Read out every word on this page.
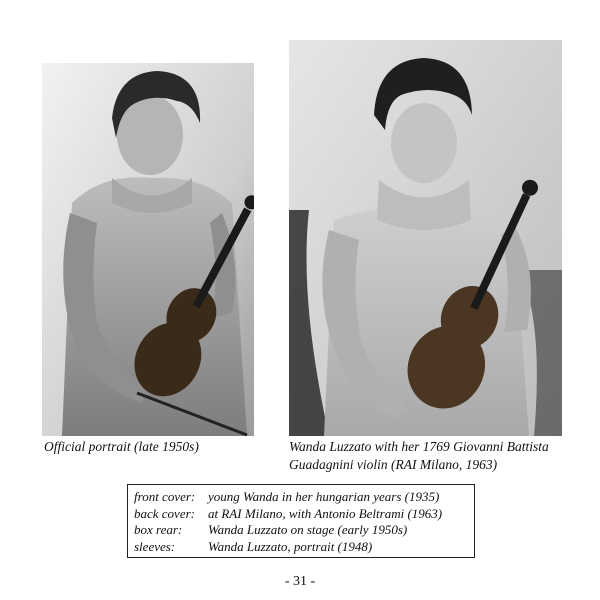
Official portrait (late 1950s)	Wanda Luzzato with her 1769 Giovanni Battista
Guadagnini violin (RAI Milano, 1963)
front cover: young Wanda in her hungarian years (1935)
back cover:	at RAI Milano, with Antonio Beltrami (1963)
box rear:	Wanda Luzzato on stage (early 1950s)
sleeves:	Wanda Luzzato, portrait (1948)
- 31 -
